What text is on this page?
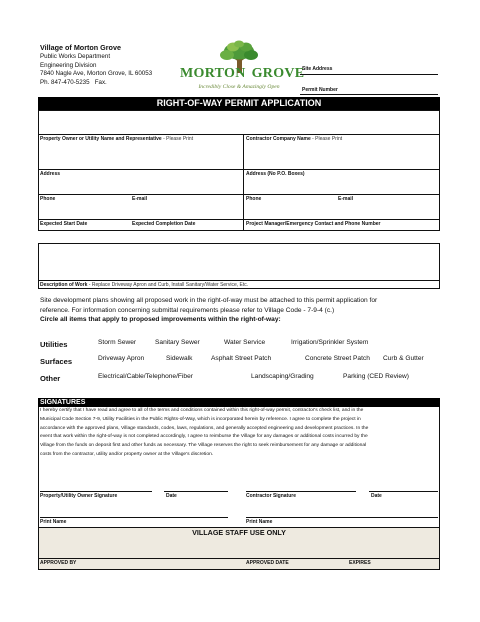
Village of Morton Grove
Public Works Department
Engineering Division
7840 Nagle Ave, Morton Grove, IL 60053
Ph. 847-470-5235 Fax.
MORTON GROVE
Incredibly Close & Amazingly Open
Site Address
Permit Number
RIGHT-OF-WAY PERMIT APPLICATION
Property Owner or Utility Name and Representative - Please Print	Contractor Company Name - Please Print
Address	Address (No P.O. Boxes)
Phone	E-mail	Phone	E-mail
Expected Start Date	Expected Completion Date	Project Manager/Emergency Contact and Phone Number
Description of Work - Replace Driveway Apron and Curb, Install Sanitary/Water Service, Etc.
Site development plans showing all proposed work in the right-of-way must be attached to this permit application for
reference. For information concerning submittal requirements please refer to Village Code - 7-9-4 (c.)
Circle all items that apply to proposed improvements within the right-of-way:
Utilities	Storm Sewer	Sanitary Sewer	Water Service	Irrigation/Sprinkler System
Surfaces	Driveway Apron	Sidewalk	Asphalt Street Patch	Concrete Street Patch Curb & Gutter
Other	Electrical/Cable/Telephone/Fiber	Landscaping/Grading	Parking (CED Review)
SIGNATURES
I hereby certify that I have read and agree to all of the terms and conditions contained within this right-of-way permit, contractor's check list, and in the
Municipal Code Section 7-9, Utility Facilities in the Public Rights-of-Way, which is incorporated herein by reference. I agree to complete the project in
accordance with the approved plans, Village standards, codes, laws, regulations, and generally accepted engineering and development practices. In the
event that work within the right-of-way is not completed accordingly, I agree to reimburse the Village for any damages or additional costs incurred by the
Village from the funds on deposit first and other funds as necessary. The Village reserves the right to seek reimbursement for any damage or additional
costs from the contractor, utility and/or property owner at the Village's discretion.
Property/Utility Owner Signature	Date	Contractor Signature	Date
Print Name	Print Name
VILLAGE STAFF USE ONLY
APPROVED BY	APPROVED DATE	EXPIRES
